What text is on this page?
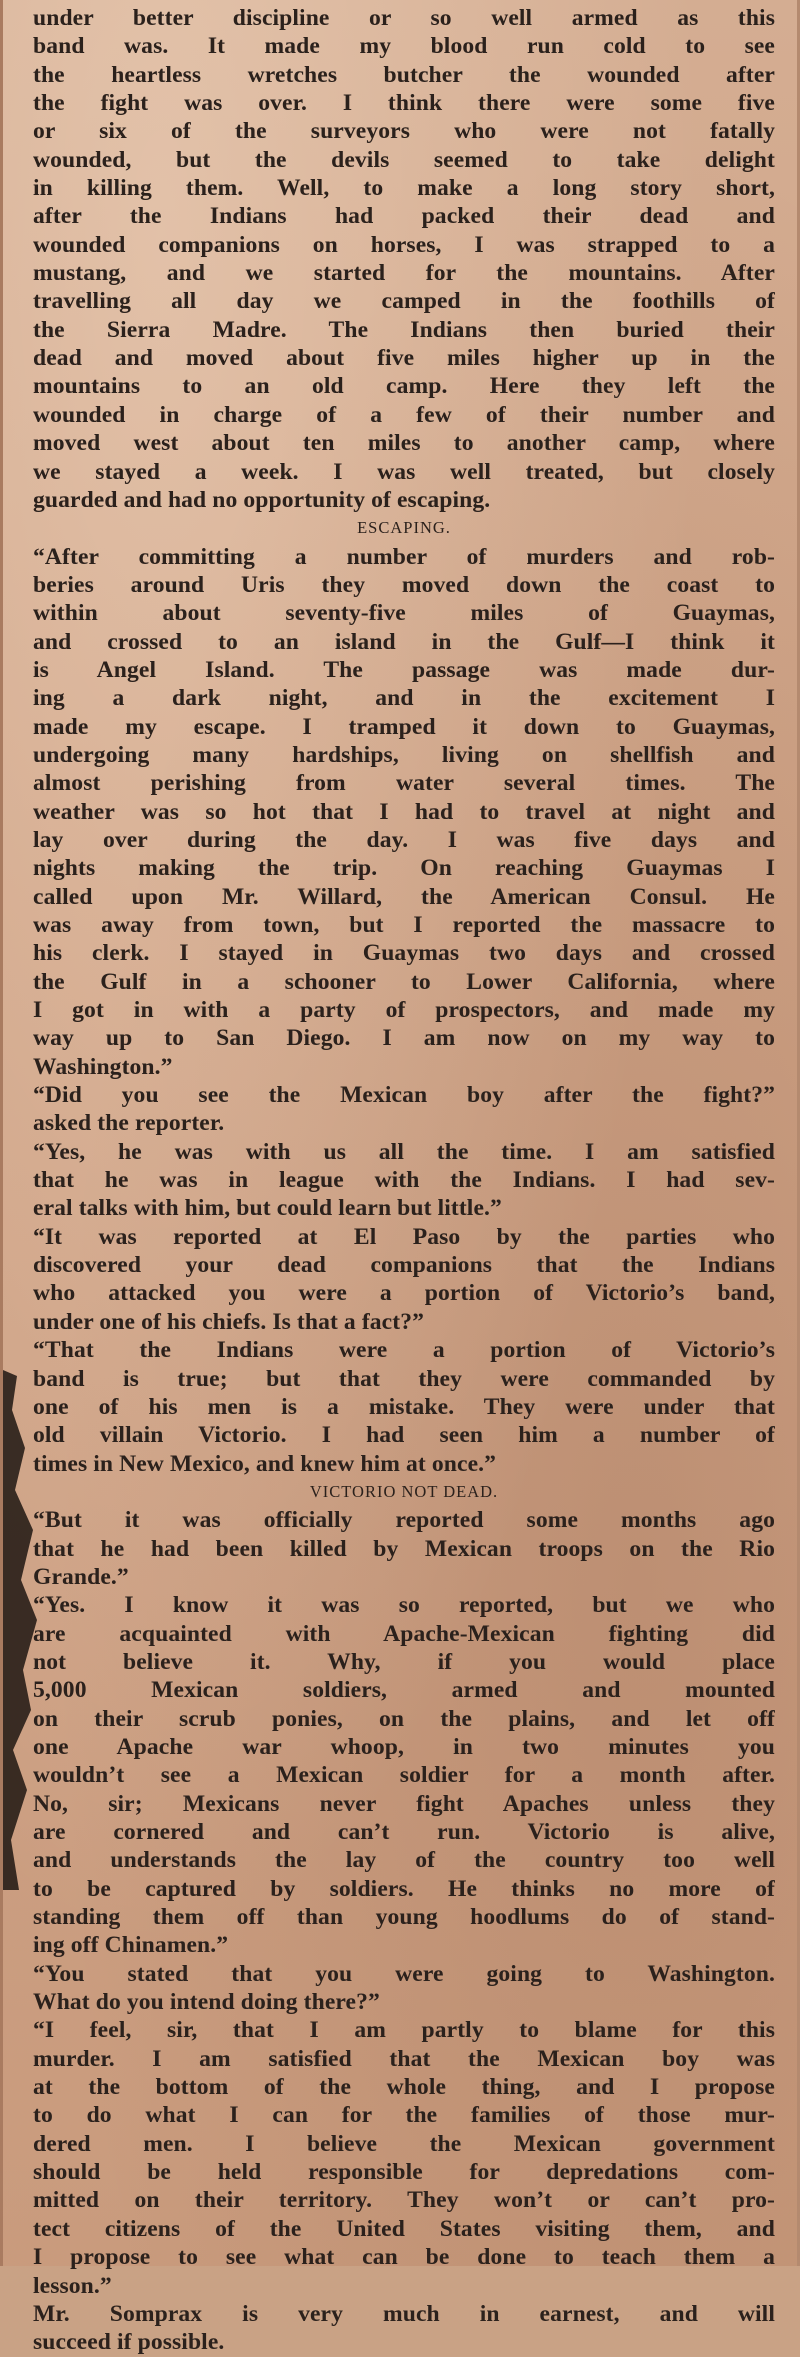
under better discipline or so well armed as this
band was. It made my blood run cold to see
the heartless wretches butcher the wounded after
the fight was over. I think there were some five
or six of the surveyors who were not fatally
wounded, but the devils seemed to take delight
in killing them. Well, to make a long story short,
after the Indians had packed their dead and
wounded companions on horses, I was strapped to a
mustang, and we started for the mountains. After
travelling all day we camped in the foothills of
the Sierra Madre. The Indians then buried their
dead and moved about five miles higher up in the
mountains to an old camp. Here they left the
wounded in charge of a few of their number and
moved west about ten miles to another camp, where
we stayed a week. I was well treated, but closely
guarded and had no opportunity of escaping.
ESCAPING.
“After committing a number of murders and rob-
beries around Uris they moved down the coast to
within about seventy-five miles of Guaymas,
and crossed to an island in the Gulf—I think it
is Angel Island. The passage was made dur-
ing a dark night, and in the excitement I
made my escape. I tramped it down to Guaymas,
undergoing many hardships, living on shellfish and
almost perishing from water several times. The
weather was so hot that I had to travel at night and
lay over during the day. I was five days and
nights making the trip. On reaching Guaymas I
called upon Mr. Willard, the American Consul. He
was away from town, but I reported the massacre to
his clerk. I stayed in Guaymas two days and crossed
the Gulf in a schooner to Lower California, where
I got in with a party of prospectors, and made my
way up to San Diego. I am now on my way to
Washington.”
“Did you see the Mexican boy after the fight?”
asked the reporter.
“Yes, he was with us all the time. I am satisfied
that he was in league with the Indians. I had sev-
eral talks with him, but could learn but little.”
“It was reported at El Paso by the parties who
discovered your dead companions that the Indians
who attacked you were a portion of Victorio’s band,
under one of his chiefs. Is that a fact?”
“That the Indians were a portion of Victorio’s
band is true; but that they were commanded by
one of his men is a mistake. They were under that
old villain Victorio. I had seen him a number of
times in New Mexico, and knew him at once.”
VICTORIO NOT DEAD.
“But it was officially reported some months ago
that he had been killed by Mexican troops on the Rio
Grande.”
“Yes. I know it was so reported, but we who
are acquainted with Apache-Mexican fighting did
not believe it. Why, if you would place
5,000 Mexican soldiers, armed and mounted
on their scrub ponies, on the plains, and let off
one Apache war whoop, in two minutes you
wouldn’t see a Mexican soldier for a month after.
No, sir; Mexicans never fight Apaches unless they
are cornered and can’t run. Victorio is alive,
and understands the lay of the country too well
to be captured by soldiers. He thinks no more of
standing them off than young hoodlums do of stand-
ing off Chinamen.”
“You stated that you were going to Washington.
What do you intend doing there?”
“I feel, sir, that I am partly to blame for this
murder. I am satisfied that the Mexican boy was
at the bottom of the whole thing, and I propose
to do what I can for the families of those mur-
dered men. I believe the Mexican government
should be held responsible for depredations com-
mitted on their territory. They won’t or can’t pro-
tect citizens of the United States visiting them, and
I propose to see what can be done to teach them a
lesson.”
Mr. Somprax is very much in earnest, and will
succeed if possible.
